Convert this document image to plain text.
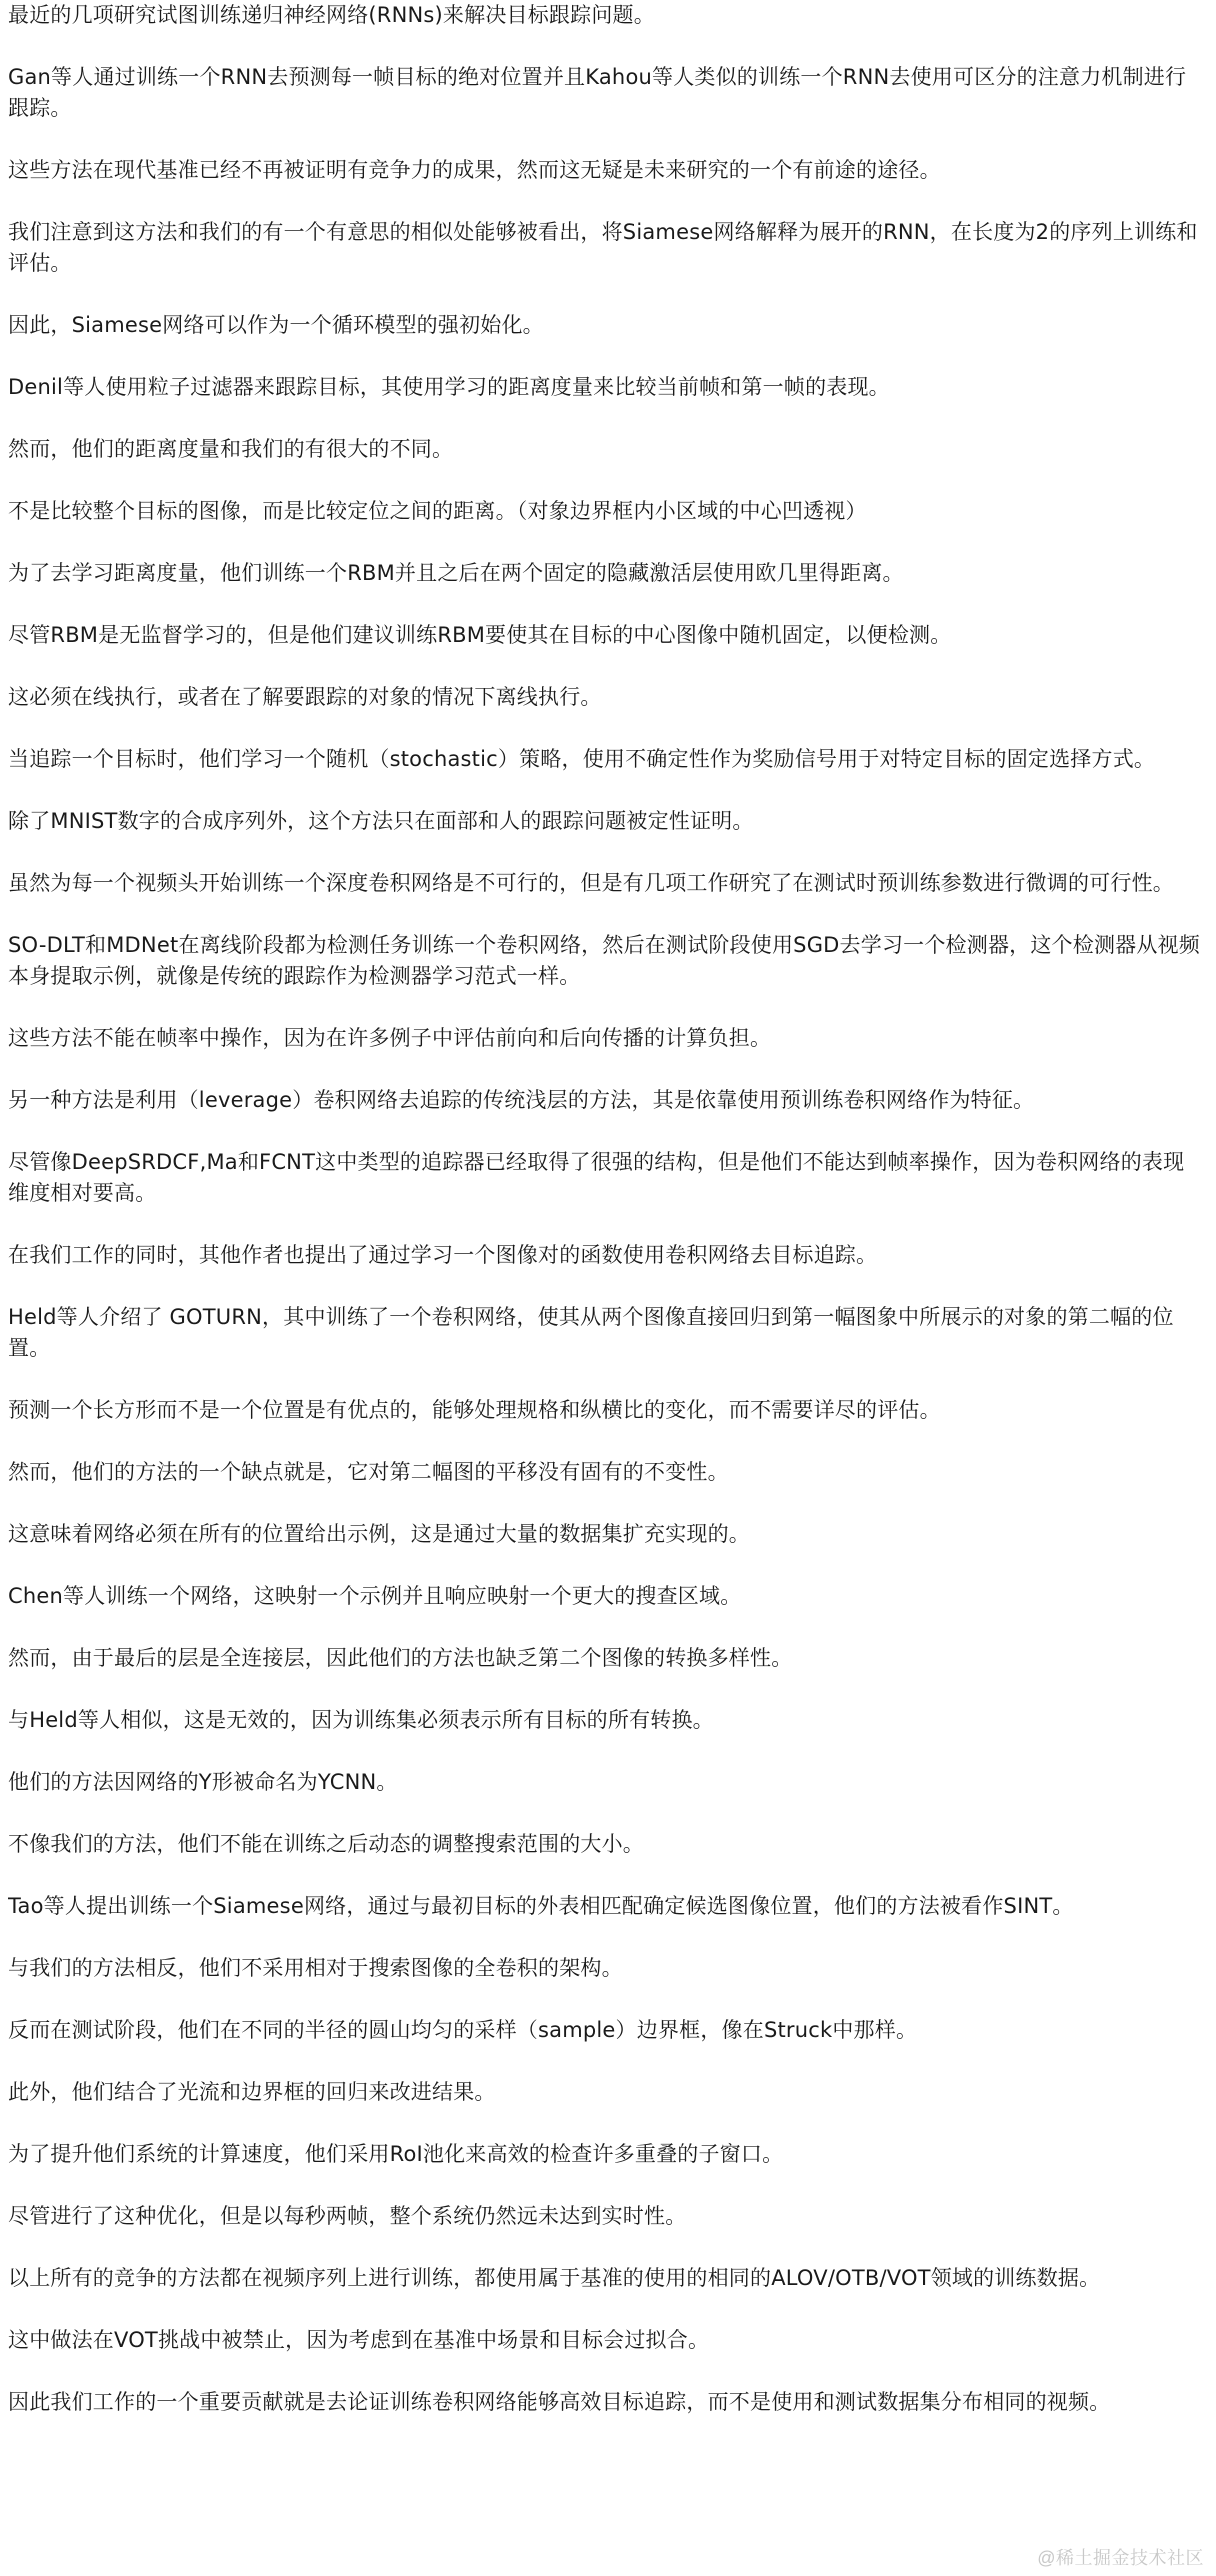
最近的几项研究试图训练递归神经网络(RNNs)来解决目标跟踪问题。

Gan等人通过训练一个RNN去预测每一帧目标的绝对位置并且Kahou等人类似的训练一个RNN去使用可区分的注意力机制进行跟踪。

这些方法在现代基准已经不再被证明有竞争力的成果，然而这无疑是未来研究的一个有前途的途径。

我们注意到这方法和我们的有一个有意思的相似处能够被看出，将Siamese网络解释为展开的RNN，在长度为2的序列上训练和评估。

因此，Siamese网络可以作为一个循环模型的强初始化。

Denil等人使用粒子过滤器来跟踪目标，其使用学习的距离度量来比较当前帧和第一帧的表现。

然而，他们的距离度量和我们的有很大的不同。

不是比较整个目标的图像，而是比较定位之间的距离。（对象边界框内小区域的中心凹透视）

为了去学习距离度量，他们训练一个RBM并且之后在两个固定的隐藏激活层使用欧几里得距离。

尽管RBM是无监督学习的，但是他们建议训练RBM要使其在目标的中心图像中随机固定，以便检测。

这必须在线执行，或者在了解要跟踪的对象的情况下离线执行。

当追踪一个目标时，他们学习一个随机（stochastic）策略，使用不确定性作为奖励信号用于对特定目标的固定选择方式。

除了MNIST数字的合成序列外，这个方法只在面部和人的跟踪问题被定性证明。

虽然为每一个视频头开始训练一个深度卷积网络是不可行的，但是有几项工作研究了在测试时预训练参数进行微调的可行性。

SO-DLT和MDNet在离线阶段都为检测任务训练一个卷积网络，然后在测试阶段使用SGD去学习一个检测器，这个检测器从视频本身提取示例，就像是传统的跟踪作为检测器学习范式一样。

这些方法不能在帧率中操作，因为在许多例子中评估前向和后向传播的计算负担。

另一种方法是利用（leverage）卷积网络去追踪的传统浅层的方法，其是依靠使用预训练卷积网络作为特征。

尽管像DeepSRDCF,Ma和FCNT这中类型的追踪器已经取得了很强的结构，但是他们不能达到帧率操作，因为卷积网络的表现维度相对要高。

在我们工作的同时，其他作者也提出了通过学习一个图像对的函数使用卷积网络去目标追踪。

Held等人介绍了 GOTURN，其中训练了一个卷积网络，使其从两个图像直接回归到第一幅图象中所展示的对象的第二幅的位置。

预测一个长方形而不是一个位置是有优点的，能够处理规格和纵横比的变化，而不需要详尽的评估。

然而，他们的方法的一个缺点就是，它对第二幅图的平移没有固有的不变性。

这意味着网络必须在所有的位置给出示例，这是通过大量的数据集扩充实现的。

Chen等人训练一个网络，这映射一个示例并且响应映射一个更大的搜查区域。

然而，由于最后的层是全连接层，因此他们的方法也缺乏第二个图像的转换多样性。

与Held等人相似，这是无效的，因为训练集必须表示所有目标的所有转换。

他们的方法因网络的Y形被命名为YCNN。

不像我们的方法，他们不能在训练之后动态的调整搜索范围的大小。

Tao等人提出训练一个Siamese网络，通过与最初目标的外表相匹配确定候选图像位置，他们的方法被看作SINT。

与我们的方法相反，他们不采用相对于搜索图像的全卷积的架构。

反而在测试阶段，他们在不同的半径的圆山均匀的采样（sample）边界框，像在Struck中那样。

此外，他们结合了光流和边界框的回归来改进结果。

为了提升他们系统的计算速度，他们采用RoI池化来高效的检查许多重叠的子窗口。

尽管进行了这种优化，但是以每秒两帧，整个系统仍然远未达到实时性。

以上所有的竞争的方法都在视频序列上进行训练，都使用属于基准的使用的相同的ALOV/OTB/VOT领域的训练数据。

这中做法在VOT挑战中被禁止，因为考虑到在基准中场景和目标会过拟合。

因此我们工作的一个重要贡献就是去论证训练卷积网络能够高效目标追踪，而不是使用和测试数据集分布相同的视频。

@稀土掘金技术社区
